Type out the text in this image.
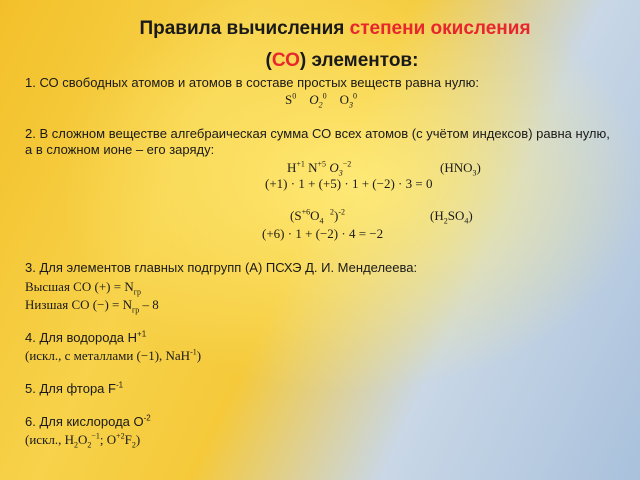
Правила вычисления степени окисления
(СО) элементов:
1. СО свободных атомов и атомов в составе простых веществ равна нулю:
$S^0$ $O_2^0$ $O_3^0$
2. В сложном веществе алгебраическая сумма СО всех атомов (с учётом индексов) равна нулю,
а в сложном ионе – его заряду:
$H^{+1}$ $N^{+5}$ $O_3^{-2}$	$(HNO_3)$
(+1) · 1 + (+5) · 1 + (−2) · 3 = 0
($S^{+6}O_4$  $^2$)$^{-2}$	$(H_2SO_4)$
(+6) · 1 + (−2) · 4 = −2
3. Для элементов главных подгрупп (А) ПСХЭ Д. И. Менделеева:
Высшая СО (+) = $N_{гр}$
Низшая СО (−) = $N_{гр} - 8$
4. Для водорода $H^{+1}$
(искл., с металлами (−1), NaH$^{-1}$)
5. Для фтора $F^{-1}$
6. Для кислорода $O^{-2}$
(искл., $H_2O_2^{-1}$; $O^{+2}F_2$)
